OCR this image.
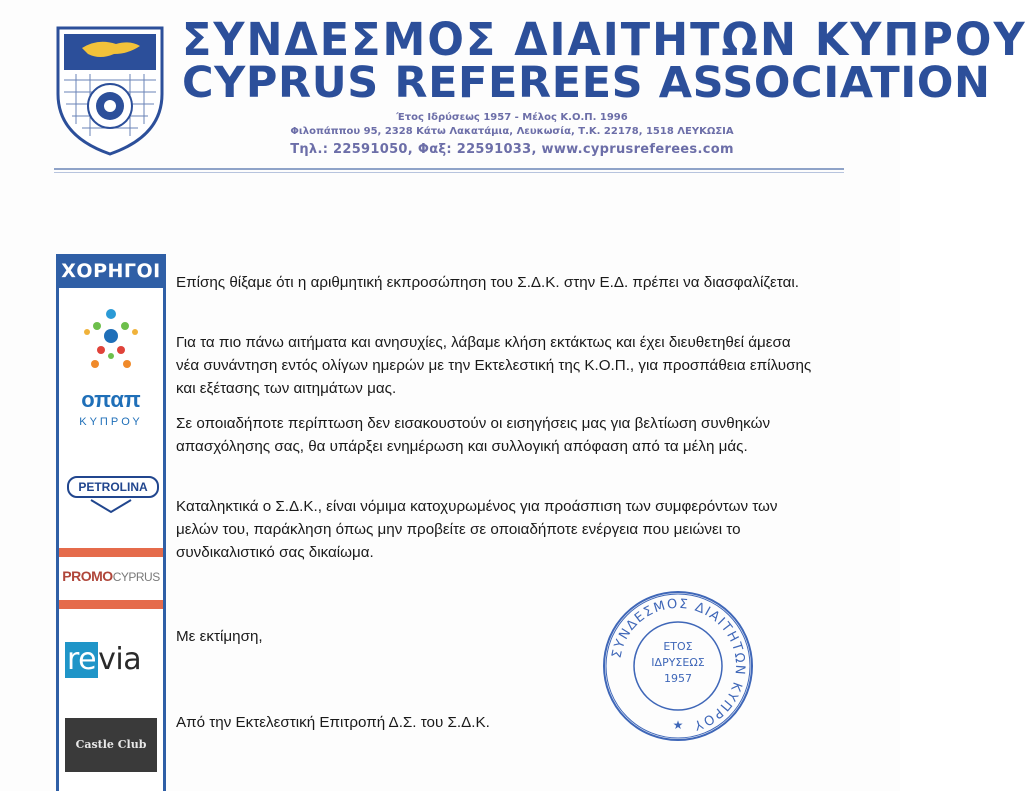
ΣΥΝΔΕΣΜΟΣ ΔΙΑΙΤΗΤΩΝ ΚΥΠΡΟΥ
CYPRUS REFEREES ASSOCIATION
Έτος Ιδρύσεως 1957 - Μέλος Κ.Ο.Π. 1996
Φιλοπάππου 95, 2328 Κάτω Λακατάμια, Λευκωσία, Τ.Κ. 22178, 1518 ΛΕΥΚΩΣΙΑ
Τηλ.: 22591050, Φαξ: 22591033, www.cyprusreferees.com
ΧΟΡΗΓΟΙ
οπαπ
ΚΥΠΡΟΥ
PETROLINA
PROMOCYPRUS
revia
Castle Club
Επίσης θίξαμε ότι η αριθμητική εκπροσώπηση του Σ.Δ.Κ. στην Ε.Δ. πρέπει να διασφαλίζεται.
Για τα πιο πάνω αιτήματα και ανησυχίες, λάβαμε κλήση εκτάκτως και έχει διευθετηθεί άμεσα νέα συνάντηση εντός ολίγων ημερών με την Εκτελεστική της Κ.Ο.Π., για προσπάθεια επίλυσης και εξέτασης των αιτημάτων μας.
Σε οποιαδήποτε περίπτωση δεν εισακουστούν οι εισηγήσεις μας για βελτίωση συνθηκών απασχόλησης σας, θα υπάρξει ενημέρωση και συλλογική απόφαση από τα μέλη μάς.
Καταληκτικά ο Σ.Δ.Κ., είναι νόμιμα κατοχυρωμένος για προάσπιση των συμφερόντων των μελών του, παράκληση όπως μην προβείτε σε οποιαδήποτε ενέργεια που μειώνει το συνδικαλιστικό σας δικαίωμα.
Με εκτίμηση,
Από την Εκτελεστική Επιτροπή Δ.Σ. του Σ.Δ.Κ.
ΣΥΝΔΕΣΜΟΣ ΔΙΑΙΤΗΤΩΝ ΚΥΠΡΟΥ
ΕΤΟΣ
ΙΔΡΥΣΕΩΣ
1957
★
